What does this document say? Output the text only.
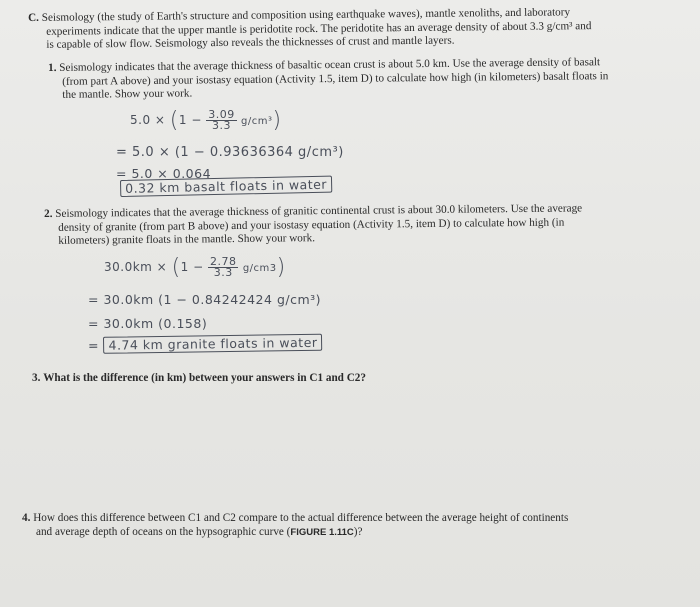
C. Seismology (the study of Earth's structure and composition using earthquake waves), mantle xenoliths, and laboratory
experiments indicate that the upper mantle is peridotite rock. The peridotite has an average density of about 3.3 g/cm³ and
is capable of slow flow. Seismology also reveals the thicknesses of crust and mantle layers.
1. Seismology indicates that the average thickness of basaltic ocean crust is about 5.0 km. Use the average density of basalt
(from part A above) and your isostasy equation (Activity 1.5, item D) to calculate how high (in kilometers) basalt floats in
the mantle. Show your work.
$5.0 \times (1 - \frac{3.09}{3.3} g/cm^3)$
= 5.0 × (1 − 0.93636364 g/cm³)
= 5.0 × 0.064
0.32 km basalt floats in water
2. Seismology indicates that the average thickness of granitic continental crust is about 30.0 kilometers. Use the average
density of granite (from part B above) and your isostasy equation (Activity 1.5, item D) to calculate how high (in
kilometers) granite floats in the mantle. Show your work.
$30.0km \times (1 - \frac{2.78}{3.3} g/cm3)$
= 30.0km (1 − 0.84242424 g/cm³)
= 30.0km (0.158)
= 4.74 km granite floats in water
3. What is the difference (in km) between your answers in C1 and C2?
4. How does this difference between C1 and C2 compare to the actual difference between the average height of continents
and average depth of oceans on the hypsographic curve (FIGURE 1.11C)?
